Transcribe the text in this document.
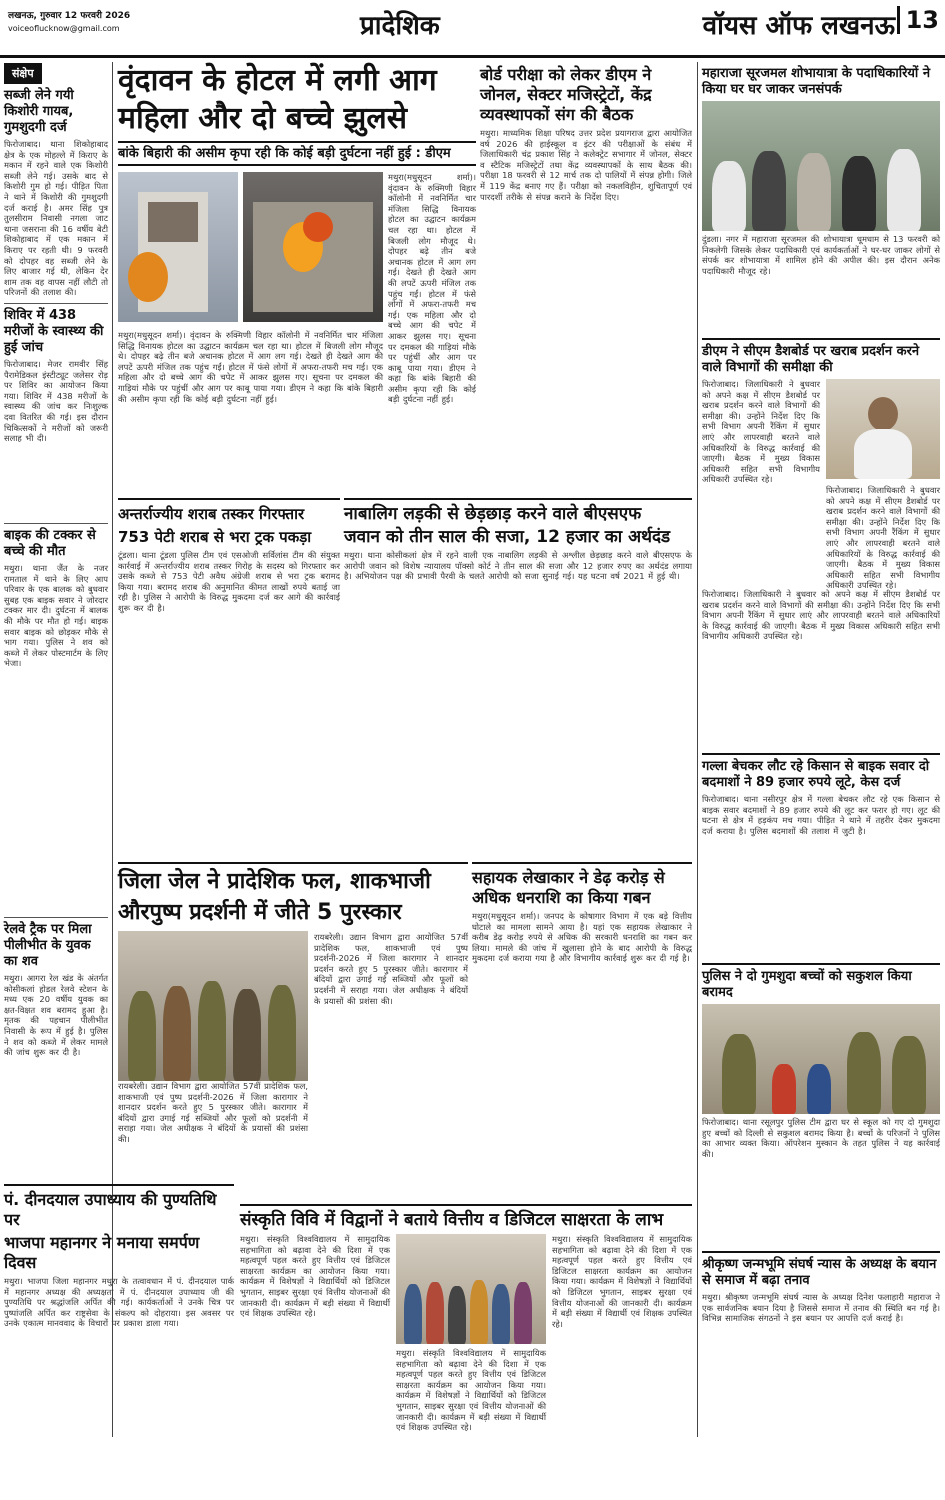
लखनऊ, गुरुवार 12 फरवरी 2026
voiceoflucknow@gmail.com	प्रादेशिक	वॉयस ऑफ लखनऊ 13
संक्षेप
सब्जी लेने गयी किशोरी गायब, गुमशुदगी दर्ज
फिरोजाबाद। थाना शिकोहाबाद क्षेत्र के एक मोहल्ले में किराए के मकान में रहने वाले एक किशोरी सब्जी लेने गई। उसके बाद से किशोरी गुम हो गई। पीड़ित पिता ने थाने में किशोरी की गुमशुदगी दर्ज कराई है। अमर सिंह पुत्र तुलसीराम निवासी नगला जाट थाना जसराना की 16 वर्षीय बेटी शिकोहाबाद में एक मकान में किराए पर रहती थी। 9 फरवरी को दोपहर वह सब्जी लेने के लिए बाजार गई थी, लेकिन देर शाम तक वह वापस नहीं लौटी तो परिजनों की तलाश की।
शिविर में 438 मरीजों के स्वास्थ्य की हुई जांच
फिरोजाबाद। मेजर रामवीर सिंह पैरामेडिकल इंस्टीट्यूट जलेसर रोड़ पर शिविर का आयोजन किया गया। शिविर में 438 मरीजों के स्वास्थ्य की जांच कर निःशुल्क दवा वितरित की गई। इस दौरान चिकित्सकों ने मरीजों को जरूरी सलाह भी दी।
बाइक की टक्कर से बच्चे की मौत
मथुरा। थाना जैंत के नजर रामताल में थाने के लिए आप परिवार के एक बालक को बुधवार सुबह एक बाइक सवार ने जोरदार टक्कर मार दी। दुर्घटना में बालक की मौके पर मौत हो गई। बाइक सवार बाइक को छोड़कर मौके से भाग गया। पुलिस ने शव को कब्जे में लेकर पोस्टमार्टम के लिए भेजा।
रेलवे ट्रैक पर मिला पीलीभीत के युवक का शव
मथुरा। आगरा रेल खंड के अंतर्गत कोसीकलां होडल रेलवे स्टेशन के मध्य एक 20 वर्षीय युवक का क्षत-विक्षत शव बरामद हुआ है। मृतक की पहचान पीलीभीत निवासी के रूप में हुई है। पुलिस ने शव को कब्जे में लेकर मामले की जांच शुरू कर दी है।
वृंदावन के होटल में लगी आग
महिला और दो बच्चे झुलसे
बांके बिहारी की असीम कृपा रही कि कोई बड़ी दुर्घटना नहीं हुई : डीएम
मथुरा(मधुसूदन शर्मा)। वृंदावन के रुक्मिणी विहार कॉलोनी में नवनिर्मित चार मंजिला सिद्धि विनायक होटल का उद्घाटन कार्यक्रम चल रहा था। होटल में बिजली लोग मौजूद थे। दोपहर बढ़े तीन बजे अचानक होटल में आग लग गई। देखते ही देखते आग की लपटें ऊपरी मंजिल तक पहुंच गईं। होटल में फंसे लोगों में अफरा-तफरी मच गई। एक महिला और दो बच्चे आग की चपेट में आकर झुलस गए। सूचना पर दमकल की गाड़ियां मौके पर पहुंचीं और आग पर काबू पाया गया। डीएम ने कहा कि बांके बिहारी की असीम कृपा रही कि कोई बड़ी दुर्घटना नहीं हुई।
मथुरा(मधुसूदन शर्मा)। वृंदावन के रुक्मिणी विहार कॉलोनी में नवनिर्मित चार मंजिला सिद्धि विनायक होटल का उद्घाटन कार्यक्रम चल रहा था। होटल में बिजली लोग मौजूद थे। दोपहर बढ़े तीन बजे अचानक होटल में आग लग गई। देखते ही देखते आग की लपटें ऊपरी मंजिल तक पहुंच गईं। होटल में फंसे लोगों में अफरा-तफरी मच गई। एक महिला और दो बच्चे आग की चपेट में आकर झुलस गए। सूचना पर दमकल की गाड़ियां मौके पर पहुंचीं और आग पर काबू पाया गया। डीएम ने कहा कि बांके बिहारी की असीम कृपा रही कि कोई बड़ी दुर्घटना नहीं हुई।
बोर्ड परीक्षा को लेकर डीएम ने जोनल, सेक्टर मजिस्ट्रेटों, केंद्र व्यवस्थापकों संग की बैठक
मथुरा। माध्यमिक शिक्षा परिषद उत्तर प्रदेश प्रयागराज द्वारा आयोजित वर्ष 2026 की हाईस्कूल व इंटर की परीक्षाओं के संबंध में जिलाधिकारी चंद्र प्रकाश सिंह ने कलेक्ट्रेट सभागार में जोनल, सेक्टर व स्टैटिक मजिस्ट्रेटों तथा केंद्र व्यवस्थापकों के साथ बैठक की। परीक्षा 18 फरवरी से 12 मार्च तक दो पालियों में संपन्न होगी। जिले में 119 केंद्र बनाए गए हैं। परीक्षा को नकलविहीन, शुचितापूर्ण एवं पारदर्शी तरीके से संपन्न कराने के निर्देश दिए।
अन्तर्राज्यीय शराब तस्कर गिरफ्तार
753 पेटी शराब से भरा ट्रक पकड़ा
टूंडला। थाना टूंडला पुलिस टीम एवं एसओजी सर्विलांस टीम की संयुक्त कार्रवाई में अन्तर्राज्यीय शराब तस्कर गिरोह के सदस्य को गिरफ्तार कर उसके कब्जे से 753 पेटी अवैध अंग्रेजी शराब से भरा ट्रक बरामद किया गया। बरामद शराब की अनुमानित कीमत लाखों रुपये बताई जा रही है। पुलिस ने आरोपी के विरुद्ध मुकदमा दर्ज कर आगे की कार्रवाई शुरू कर दी है।
नाबालिग लड़की से छेड़छाड़ करने वाले बीएसएफ
जवान को तीन साल की सजा, 12 हजार का अर्थदंड
मथुरा। थाना कोसीकलां क्षेत्र में रहने वाली एक नाबालिग लड़की से अश्लील छेड़छाड़ करने वाले बीएसएफ के आरोपी जवान को विशेष न्यायालय पॉक्सो कोर्ट ने तीन साल की सजा और 12 हजार रुपए का अर्थदंड लगाया है। अभियोजन पक्ष की प्रभावी पैरवी के चलते आरोपी को सजा सुनाई गई। यह घटना वर्ष 2021 में हुई थी।
जिला जेल ने प्रादेशिक फल, शाकभाजी
औरपुष्प प्रदर्शनी में जीते 5 पुरस्कार
रायबरेली। उद्यान विभाग द्वारा आयोजित 57वीं प्रादेशिक फल, शाकभाजी एवं पुष्प प्रदर्शनी-2026 में जिला कारागार ने शानदार प्रदर्शन करते हुए 5 पुरस्कार जीते। कारागार में बंदियों द्वारा उगाई गई सब्जियों और फूलों को प्रदर्शनी में सराहा गया। जेल अधीक्षक ने बंदियों के प्रयासों की प्रशंसा की।
रायबरेली। उद्यान विभाग द्वारा आयोजित 57वीं प्रादेशिक फल, शाकभाजी एवं पुष्प प्रदर्शनी-2026 में जिला कारागार ने शानदार प्रदर्शन करते हुए 5 पुरस्कार जीते। कारागार में बंदियों द्वारा उगाई गई सब्जियों और फूलों को प्रदर्शनी में सराहा गया। जेल अधीक्षक ने बंदियों के प्रयासों की प्रशंसा की।
सहायक लेखाकार ने डेढ़ करोड़ से अधिक धनराशि का किया गबन
मथुरा(मधुसूदन शर्मा)। जनपद के कोषागार विभाग में एक बड़े वित्तीय घोटाले का मामला सामने आया है। यहां एक सहायक लेखाकार ने करीब डेढ़ करोड़ रुपये से अधिक की सरकारी धनराशि का गबन कर लिया। मामले की जांच में खुलासा होने के बाद आरोपी के विरुद्ध मुकदमा दर्ज कराया गया है और विभागीय कार्रवाई शुरू कर दी गई है।
पं. दीनदयाल उपाध्याय की पुण्यतिथि पर
भाजपा महानगर ने मनाया समर्पण दिवस
मथुरा। भाजपा जिला महानगर मथुरा के तत्वावधान में पं. दीनदयाल पार्क में महानगर अध्यक्ष की अध्यक्षता में पं. दीनदयाल उपाध्याय जी की पुण्यतिथि पर श्रद्धांजलि अर्पित की गई। कार्यकर्ताओं ने उनके चित्र पर पुष्पांजलि अर्पित कर राष्ट्रसेवा के संकल्प को दोहराया। इस अवसर पर उनके एकात्म मानववाद के विचारों पर प्रकाश डाला गया।
संस्कृति विवि में विद्वानों ने बताये वित्तीय व डिजिटल साक्षरता के लाभ
मथुरा। संस्कृति विश्वविद्यालय में सामुदायिक सहभागिता को बढ़ावा देने की दिशा में एक महत्वपूर्ण पहल करते हुए वित्तीय एवं डिजिटल साक्षरता कार्यक्रम का आयोजन किया गया। कार्यक्रम में विशेषज्ञों ने विद्यार्थियों को डिजिटल भुगतान, साइबर सुरक्षा एवं वित्तीय योजनाओं की जानकारी दी। कार्यक्रम में बड़ी संख्या में विद्यार्थी एवं शिक्षक उपस्थित रहे।
मथुरा। संस्कृति विश्वविद्यालय में सामुदायिक सहभागिता को बढ़ावा देने की दिशा में एक महत्वपूर्ण पहल करते हुए वित्तीय एवं डिजिटल साक्षरता कार्यक्रम का आयोजन किया गया। कार्यक्रम में विशेषज्ञों ने विद्यार्थियों को डिजिटल भुगतान, साइबर सुरक्षा एवं वित्तीय योजनाओं की जानकारी दी। कार्यक्रम में बड़ी संख्या में विद्यार्थी एवं शिक्षक उपस्थित रहे।
मथुरा। संस्कृति विश्वविद्यालय में सामुदायिक सहभागिता को बढ़ावा देने की दिशा में एक महत्वपूर्ण पहल करते हुए वित्तीय एवं डिजिटल साक्षरता कार्यक्रम का आयोजन किया गया। कार्यक्रम में विशेषज्ञों ने विद्यार्थियों को डिजिटल भुगतान, साइबर सुरक्षा एवं वित्तीय योजनाओं की जानकारी दी। कार्यक्रम में बड़ी संख्या में विद्यार्थी एवं शिक्षक उपस्थित रहे।
महाराजा सूरजमल शोभायात्रा के पदाधिकारियों ने किया घर घर जाकर जनसंपर्क
दुंडला। नगर में महाराजा सूरजमल की शोभायात्रा धूमधाम से 13 फरवरी को निकलेगी जिसके लेकर पदाधिकारी एवं कार्यकर्ताओं ने घर-घर जाकर लोगों से संपर्क कर शोभायात्रा में शामिल होने की अपील की। इस दौरान अनेक पदाधिकारी मौजूद रहे।
डीएम ने सीएम डैशबोर्ड पर खराब प्रदर्शन करने वाले विभागों की समीक्षा की
फिरोजाबाद। जिलाधिकारी ने बुधवार को अपने कक्ष में सीएम डैशबोर्ड पर खराब प्रदर्शन करने वाले विभागों की समीक्षा की। उन्होंने निर्देश दिए कि सभी विभाग अपनी रैंकिंग में सुधार लाएं और लापरवाही बरतने वाले अधिकारियों के विरुद्ध कार्रवाई की जाएगी। बैठक में मुख्य विकास अधिकारी सहित सभी विभागीय अधिकारी उपस्थित रहे।
फिरोजाबाद। जिलाधिकारी ने बुधवार को अपने कक्ष में सीएम डैशबोर्ड पर खराब प्रदर्शन करने वाले विभागों की समीक्षा की। उन्होंने निर्देश दिए कि सभी विभाग अपनी रैंकिंग में सुधार लाएं और लापरवाही बरतने वाले अधिकारियों के विरुद्ध कार्रवाई की जाएगी। बैठक में मुख्य विकास अधिकारी सहित सभी विभागीय अधिकारी उपस्थित रहे।
फिरोजाबाद। जिलाधिकारी ने बुधवार को अपने कक्ष में सीएम डैशबोर्ड पर खराब प्रदर्शन करने वाले विभागों की समीक्षा की। उन्होंने निर्देश दिए कि सभी विभाग अपनी रैंकिंग में सुधार लाएं और लापरवाही बरतने वाले अधिकारियों के विरुद्ध कार्रवाई की जाएगी। बैठक में मुख्य विकास अधिकारी सहित सभी विभागीय अधिकारी उपस्थित रहे।
गल्ला बेचकर लौट रहे किसान से बाइक सवार दो बदमाशों ने 89 हजार रुपये लूटे, केस दर्ज
फिरोजाबाद। थाना नसीरपुर क्षेत्र में गल्ला बेचकर लौट रहे एक किसान से बाइक सवार बदमाशों ने 89 हजार रुपये की लूट कर फरार हो गए। लूट की घटना से क्षेत्र में हड़कंप मच गया। पीड़ित ने थाने में तहरीर देकर मुकदमा दर्ज कराया है। पुलिस बदमाशों की तलाश में जुटी है।
पुलिस ने दो गुमशुदा बच्चों को सकुशल किया बरामद
फिरोजाबाद। थाना रसूलपुर पुलिस टीम द्वारा घर से स्कूल को गए दो गुमशुदा हुए बच्चों को दिल्ली से सकुशल बरामद किया है। बच्चों के परिजनों ने पुलिस का आभार व्यक्त किया। ऑपरेशन मुस्कान के तहत पुलिस ने यह कार्रवाई की।
श्रीकृष्ण जन्मभूमि संघर्ष न्यास के अध्यक्ष के बयान से समाज में बढ़ा तनाव
मथुरा। श्रीकृष्ण जन्मभूमि संघर्ष न्यास के अध्यक्ष दिनेश फलाहारी महाराज ने एक सार्वजनिक बयान दिया है जिससे समाज में तनाव की स्थिति बन गई है। विभिन्न सामाजिक संगठनों ने इस बयान पर आपत्ति दर्ज कराई है।
